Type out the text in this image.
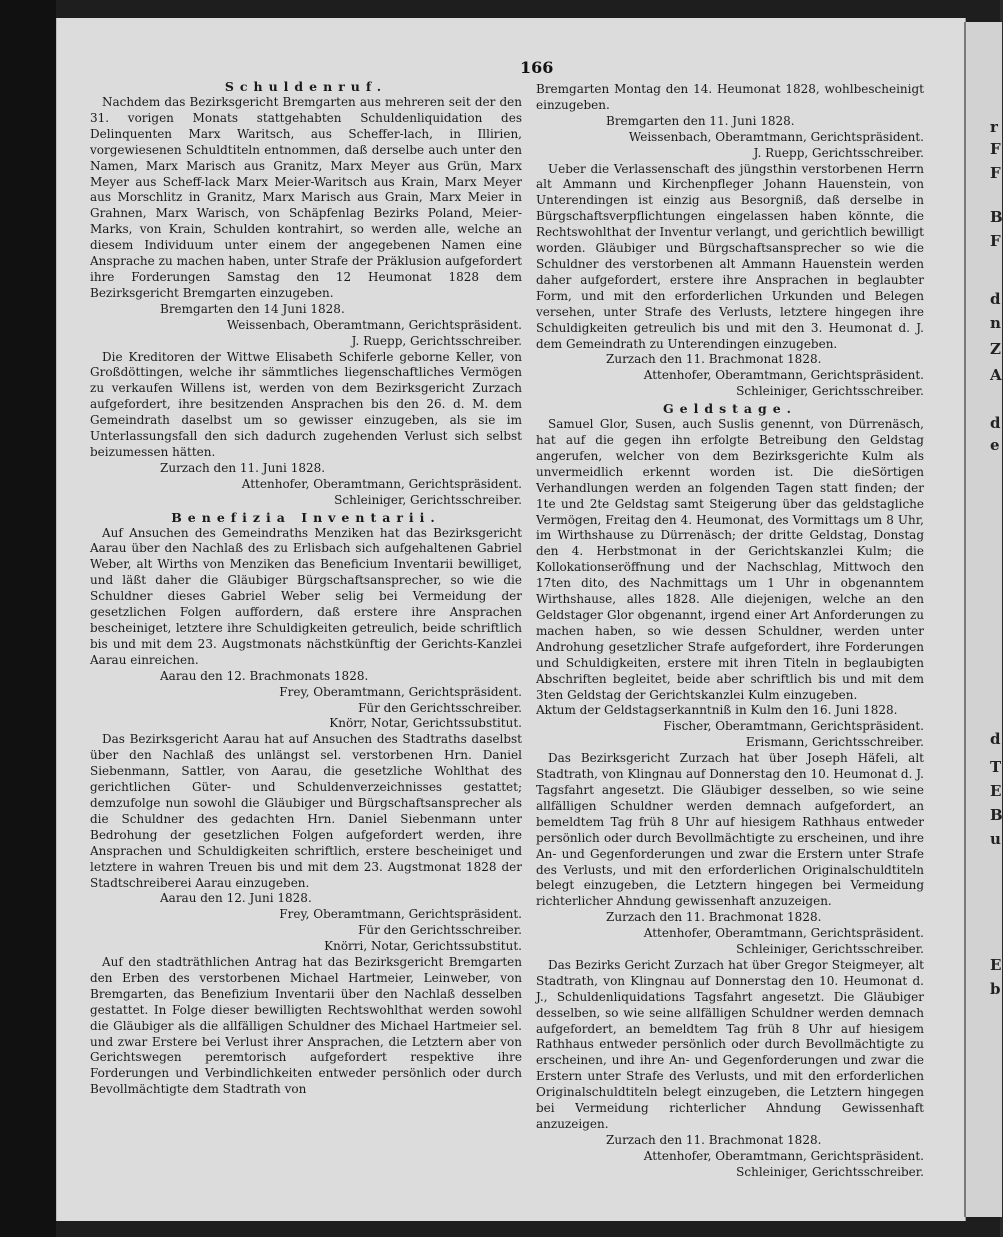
166

Schuldenruf.

Nachdem das Bezirksgericht Bremgarten aus mehreren seit der den 31. vorigen Monats stattgehabten Schuldenliquidation des Delinquenten Marx Waritsch, aus Scheffer-lach, in Illirien, vorgewiesenen Schuldtiteln entnommen, daß derselbe auch unter den Namen, Marx Marisch aus Granitz, Marx Meyer aus Grün, Marx Meyer aus Scheff-lack Marx Meier-Waritsch aus Krain, Marx Meyer aus Morschlitz in Granitz, Marx Marisch aus Grain, Marx Meier in Grahnen, Marx Warisch, von Schäpfenlag Bezirks Poland, Meier-Marks, von Krain, Schulden kontrahirt, so werden alle, welche an diesem Individuum unter einem der angegebenen Namen eine Ansprache zu machen haben, unter Strafe der Präklusion aufgefordert ihre Forderungen Samstag den 12 Heumonat 1828 dem Bezirksgericht Bremgarten einzugeben.

Bremgarten den 14 Juni 1828.

Weissenbach, Oberamtmann, Gerichtspräsident.

J. Ruepp, Gerichtsschreiber.

Die Kreditoren der Wittwe Elisabeth Schiferle geborne Keller, von Großdöttingen, welche ihr sämmtliches liegenschaftliches Vermögen zu verkaufen Willens ist, werden von dem Bezirksgericht Zurzach aufgefordert, ihre besitzenden Ansprachen bis den 26. d. M. dem Gemeindrath daselbst um so gewisser einzugeben, als sie im Unterlassungsfall den sich dadurch zugehenden Verlust sich selbst beizumessen hätten.

Zurzach den 11. Juni 1828.

Attenhofer, Oberamtmann, Gerichtspräsident.

Schleiniger, Gerichtsschreiber.

Benefizia Inventarii.

Auf Ansuchen des Gemeindraths Menziken hat das Bezirksgericht Aarau über den Nachlaß des zu Erlisbach sich aufgehaltenen Gabriel Weber, alt Wirths von Menziken das Beneficium Inventarii bewilliget, und läßt daher die Gläubiger Bürgschaftsansprecher, so wie die Schuldner dieses Gabriel Weber selig bei Vermeidung der gesetzlichen Folgen auffordern, daß erstere ihre Ansprachen bescheiniget, letztere ihre Schuldigkeiten getreulich, beide schriftlich bis und mit dem 23. Augstmonats nächstkünftig der Gerichts-Kanzlei Aarau einreichen.

Aarau den 12. Brachmonats 1828.

Frey, Oberamtmann, Gerichtspräsident.

Für den Gerichtsschreiber.

Knörr, Notar, Gerichtssubstitut.

Das Bezirksgericht Aarau hat auf Ansuchen des Stadtraths daselbst über den Nachlaß des unlängst sel. verstorbenen Hrn. Daniel Siebenmann, Sattler, von Aarau, die gesetzliche Wohlthat des gerichtlichen Güter- und Schuldenverzeichnisses gestattet; demzufolge nun sowohl die Gläubiger und Bürgschaftsansprecher als die Schuldner des gedachten Hrn. Daniel Siebenmann unter Bedrohung der gesetzlichen Folgen aufgefordert werden, ihre Ansprachen und Schuldigkeiten schriftlich, erstere bescheiniget und letztere in wahren Treuen bis und mit dem 23. Augstmonat 1828 der Stadtschreiberei Aarau einzugeben.

Aarau den 12. Juni 1828.

Frey, Oberamtmann, Gerichtspräsident.

Für den Gerichtsschreiber.

Knörri, Notar, Gerichtssubstitut.

Auf den stadträthlichen Antrag hat das Bezirksgericht Bremgarten den Erben des verstorbenen Michael Hartmeier, Leinweber, von Bremgarten, das Benefizium Inventarii über den Nachlaß desselben gestattet. In Folge dieser bewilligten Rechtswohlthat werden sowohl die Gläubiger als die allfälligen Schuldner des Michael Hartmeier sel. und zwar Erstere bei Verlust ihrer Ansprachen, die Letztern aber von Gerichtswegen peremtorisch aufgefordert respektive ihre Forderungen und Verbindlichkeiten entweder persönlich oder durch Bevollmächtigte dem Stadtrath von

Bremgarten Montag den 14. Heumonat 1828, wohlbescheinigt einzugeben.

Bremgarten den 11. Juni 1828.

Weissenbach, Oberamtmann, Gerichtspräsident.

J. Ruepp, Gerichtsschreiber.

Ueber die Verlassenschaft des jüngsthin verstorbenen Herrn alt Ammann und Kirchenpfleger Johann Hauenstein, von Unterendingen ist einzig aus Besorgniß, daß derselbe in Bürgschaftsverpflichtungen eingelassen haben könnte, die Rechtswohlthat der Inventur verlangt, und gerichtlich bewilligt worden. Gläubiger und Bürgschaftsansprecher so wie die Schuldner des verstorbenen alt Ammann Hauenstein werden daher aufgefordert, erstere ihre Ansprachen in beglaubter Form, und mit den erforderlichen Urkunden und Belegen versehen, unter Strafe des Verlusts, letztere hingegen ihre Schuldigkeiten getreulich bis und mit den 3. Heumonat d. J. dem Gemeindrath zu Unterendingen einzugeben.

Zurzach den 11. Brachmonat 1828.

Attenhofer, Oberamtmann, Gerichtspräsident.

Schleiniger, Gerichtsschreiber.

Geldstage.

Samuel Glor, Susen, auch Suslis genennt, von Dürrenäsch, hat auf die gegen ihn erfolgte Betreibung den Geldstag angerufen, welcher von dem Bezirksgerichte Kulm als unvermeidlich erkennt worden ist. Die dieSörtigen Verhandlungen werden an folgenden Tagen statt finden; der 1te und 2te Geldstag samt Steigerung über das geldstagliche Vermögen, Freitag den 4. Heumonat, des Vormittags um 8 Uhr, im Wirthshause zu Dürrenäsch; der dritte Geldstag, Donstag den 4. Herbstmonat in der Gerichtskanzlei Kulm; die Kollokationseröffnung und der Nachschlag, Mittwoch den 17ten dito, des Nachmittags um 1 Uhr in obgenanntem Wirthshause, alles 1828. Alle diejenigen, welche an den Geldstager Glor obgenannt, irgend einer Art Anforderungen zu machen haben, so wie dessen Schuldner, werden unter Androhung gesetzlicher Strafe aufgefordert, ihre Forderungen und Schuldigkeiten, erstere mit ihren Titeln in beglaubigten Abschriften begleitet, beide aber schriftlich bis und mit dem 3ten Geldstag der Gerichtskanzlei Kulm einzugeben.

Aktum der Geldstagserkanntniß in Kulm den 16. Juni 1828.

Fischer, Oberamtmann, Gerichtspräsident.

Erismann, Gerichtsschreiber.

Das Bezirksgericht Zurzach hat über Joseph Häfeli, alt Stadtrath, von Klingnau auf Donnerstag den 10. Heumonat d. J. Tagsfahrt angesetzt. Die Gläubiger desselben, so wie seine allfälligen Schuldner werden demnach aufgefordert, an bemeldtem Tag früh 8 Uhr auf hiesigem Rathhaus entweder persönlich oder durch Bevollmächtigte zu erscheinen, und ihre An- und Gegenforderungen und zwar die Erstern unter Strafe des Verlusts, und mit den erforderlichen Originalschuldtiteln belegt einzugeben, die Letztern hingegen bei Vermeidung richterlicher Ahndung gewissenhaft anzuzeigen.

Zurzach den 11. Brachmonat 1828.

Attenhofer, Oberamtmann, Gerichtspräsident.

Schleiniger, Gerichtsschreiber.

Das Bezirks Gericht Zurzach hat über Gregor Steigmeyer, alt Stadtrath, von Klingnau auf Donnerstag den 10. Heumonat d. J., Schuldenliquidations Tagsfahrt angesetzt. Die Gläubiger desselben, so wie seine allfälligen Schuldner werden demnach aufgefordert, an bemeldtem Tag früh 8 Uhr auf hiesigem Rathhaus entweder persönlich oder durch Bevollmächtigte zu erscheinen, und ihre An- und Gegenforderungen und zwar die Erstern unter Strafe des Verlusts, und mit den erforderlichen Originalschuldtiteln belegt einzugeben, die Letztern hingegen bei Vermeidung richterlicher Ahndung Gewissenhaft anzuzeigen.

Zurzach den 11. Brachmonat 1828.

Attenhofer, Oberamtmann, Gerichtspräsident.

Schleiniger, Gerichtsschreiber.

r
F
F
B
F
d
n
Z
A
d
e
d
T
E
B
u
E
b
